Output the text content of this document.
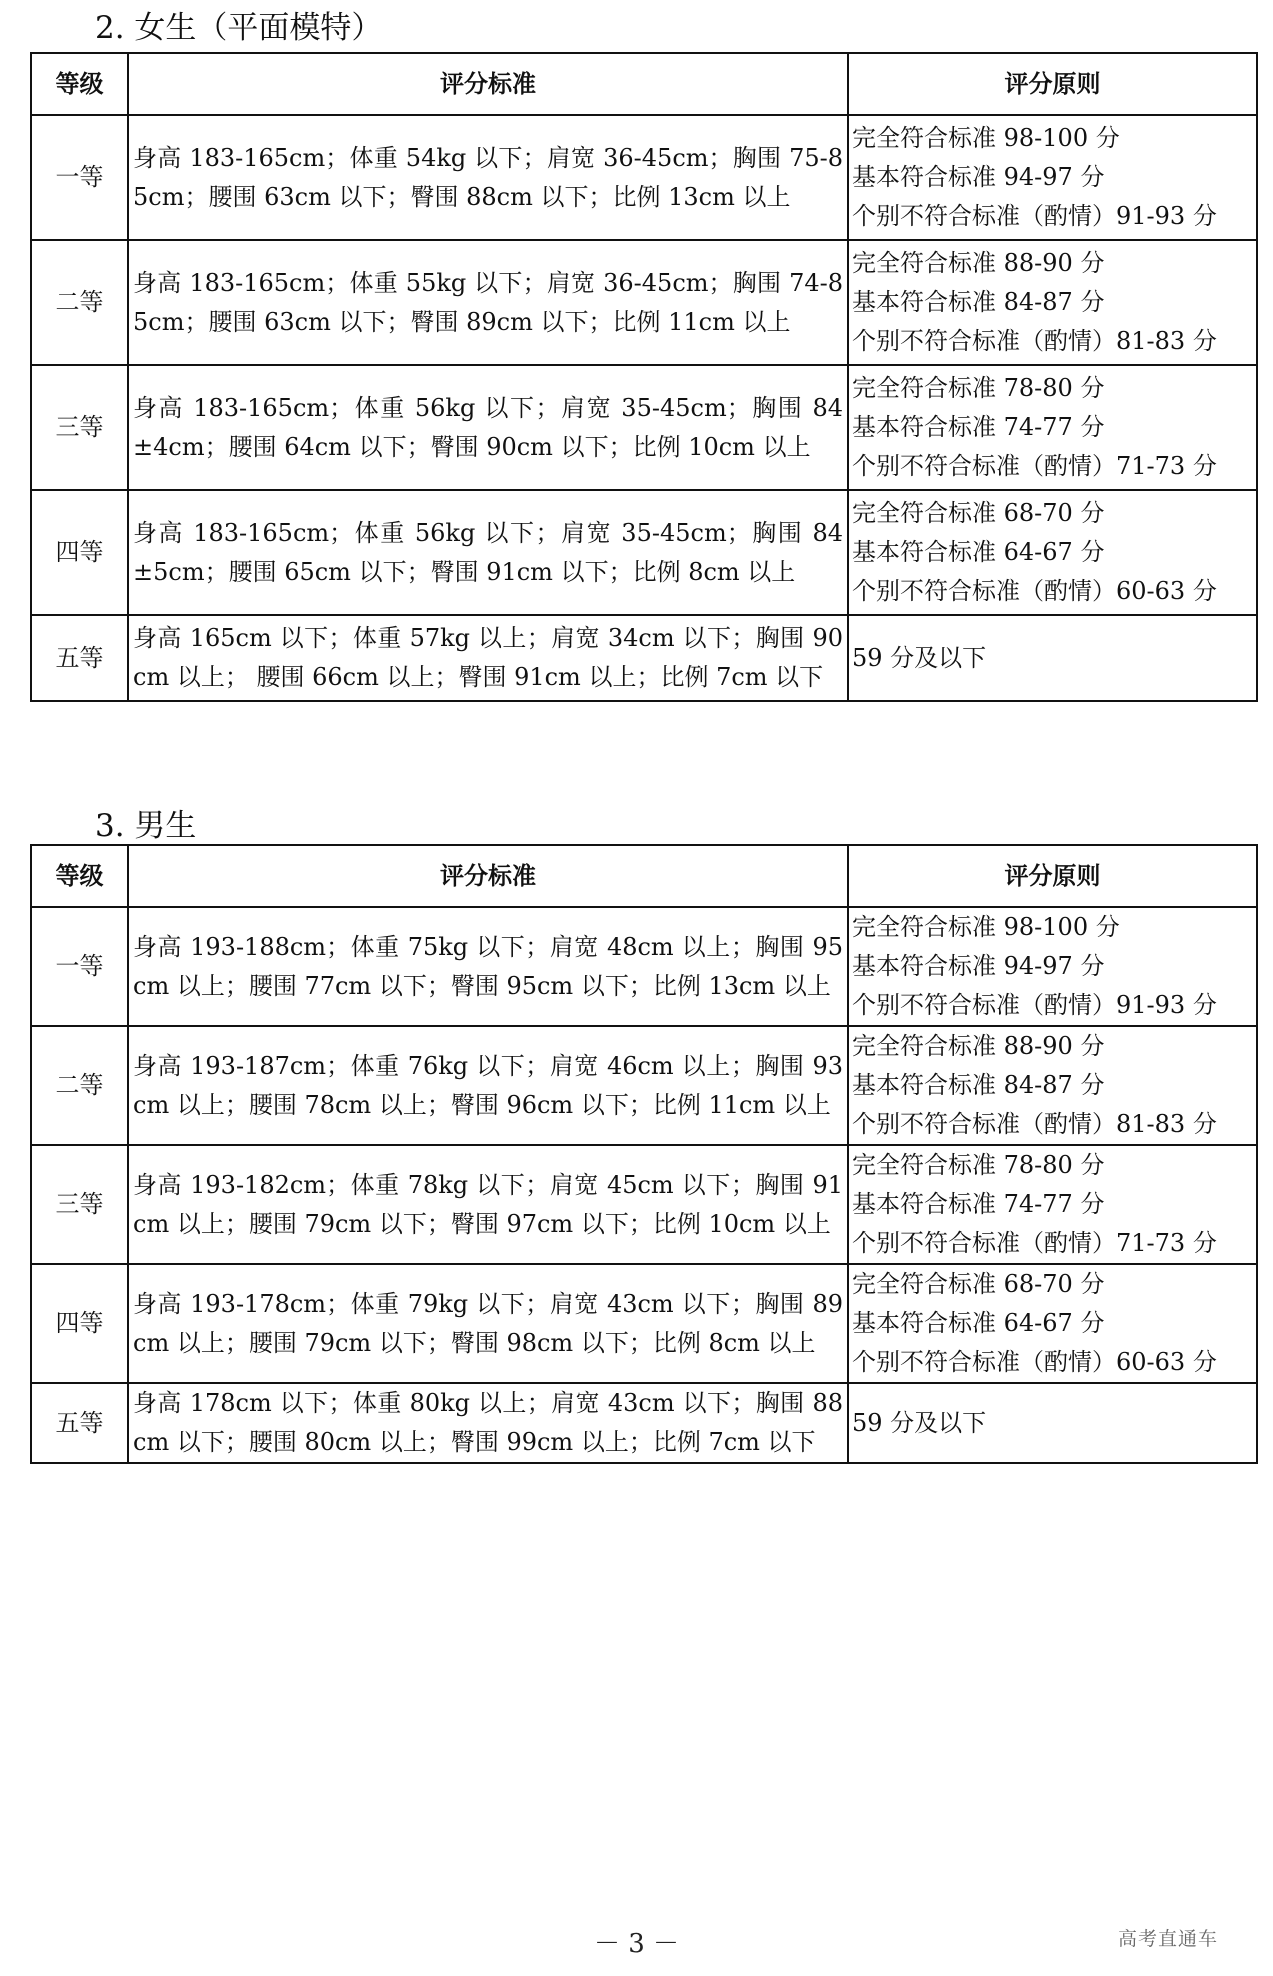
2. 女生（平面模特）
等级	评分标准	评分原则
一等	身高 183-165cm；体重 54kg 以下；肩宽 36-45cm；胸围 75-85cm；腰围 63cm 以下；臀围 88cm 以下；比例 13cm 以上	完全符合标准 98-100 分
基本符合标准 94-97 分
个别不符合标准（酌情）91-93 分

二等	身高 183-165cm；体重 55kg 以下；肩宽 36-45cm；胸围 74-85cm；腰围 63cm 以下；臀围 89cm 以下；比例 11cm 以上	完全符合标准 88-90 分
基本符合标准 84-87 分
个别不符合标准（酌情）81-83 分

三等	身高 183-165cm；体重 56kg 以下；肩宽 35-45cm；胸围 84±4cm；腰围 64cm 以下；臀围 90cm 以下；比例 10cm 以上	完全符合标准 78-80 分
基本符合标准 74-77 分
个别不符合标准（酌情）71-73 分

四等	身高 183-165cm；体重 56kg 以下；肩宽 35-45cm；胸围 84±5cm；腰围 65cm 以下；臀围 91cm 以下；比例 8cm 以上	完全符合标准 68-70 分
基本符合标准 64-67 分
个别不符合标准（酌情）60-63 分

五等	身高 165cm 以下；体重 57kg 以上；肩宽 34cm 以下；胸围 90cm 以上； 腰围 66cm 以上；臀围 91cm 以上；比例 7cm 以下	59 分及以下
3. 男生
等级	评分标准	评分原则
一等	身高 193-188cm；体重 75kg 以下；肩宽 48cm 以上；胸围 95cm 以上；腰围 77cm 以下；臀围 95cm 以下；比例 13cm 以上	完全符合标准 98-100 分
基本符合标准 94-97 分
个别不符合标准（酌情）91-93 分

二等	身高 193-187cm；体重 76kg 以下；肩宽 46cm 以上；胸围 93cm 以上；腰围 78cm 以上；臀围 96cm 以下；比例 11cm 以上	完全符合标准 88-90 分
基本符合标准 84-87 分
个别不符合标准（酌情）81-83 分

三等	身高 193-182cm；体重 78kg 以下；肩宽 45cm 以下；胸围 91cm 以上；腰围 79cm 以下；臀围 97cm 以下；比例 10cm 以上	完全符合标准 78-80 分
基本符合标准 74-77 分
个别不符合标准（酌情）71-73 分

四等	身高 193-178cm；体重 79kg 以下；肩宽 43cm 以下；胸围 89cm 以上；腰围 79cm 以下；臀围 98cm 以下；比例 8cm 以上	完全符合标准 68-70 分
基本符合标准 64-67 分
个别不符合标准（酌情）60-63 分

五等	身高 178cm 以下；体重 80kg 以上；肩宽 43cm 以下；胸围 88cm 以下；腰围 80cm 以上；臀围 99cm 以上；比例 7cm 以下	59 分及以下
－ 3 －	高考直通车
